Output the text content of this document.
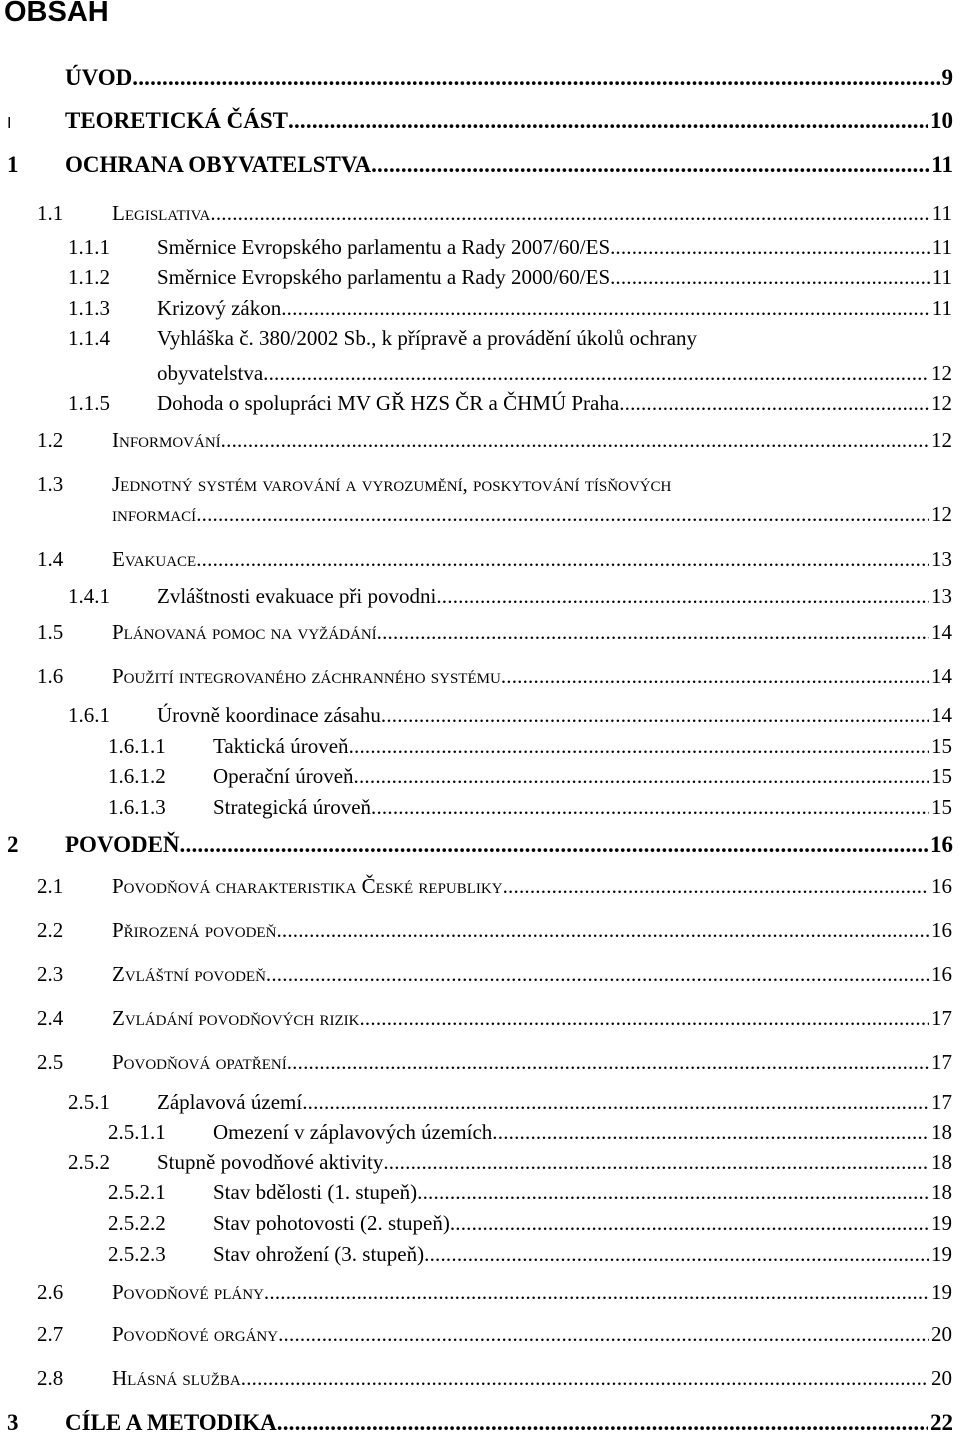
OBSAH
ÚVOD .....	9
I	TEORETICKÁ ČÁST .....	10
1	OCHRANA OBYVATELSTVA .....	11
1.1	Legislativa .....	11
1.1.1	Směrnice Evropského parlamentu a Rady 2007/60/ES. .....	11
1.1.2	Směrnice Evropského parlamentu a Rady 2000/60/ES. .....	11
1.1.3	Krizový zákon .....	11
1.1.4	Vyhláška č. 380/2002 Sb., k přípravě a provádění úkolů ochrany
obyvatelstva .....	12
1.1.5	Dohoda o spolupráci MV GŘ HZS ČR a ČHMÚ Praha .....	12
1.2	Informování .....	12
1.3	Jednotný systém varování a vyrozumění, poskytování tísňových
informací .....	12
1.4	Evakuace .....	13
1.4.1	Zvláštnosti evakuace při povodni .....	13
1.5	Plánovaná pomoc na vyžádání .....	14
1.6	Použití integrovaného záchranného systému .....	14
1.6.1	Úrovně koordinace zásahu .....	14
1.6.1.1	Taktická úroveň .....	15
1.6.1.2	Operační úroveň .....	15
1.6.1.3	Strategická úroveň .....	15
2	POVODEŇ .....	16
2.1	Povodňová charakteristika České republiky .....	16
2.2	Přirozená povodeň .....	16
2.3	Zvláštní povodeň .....	16
2.4	Zvládání povodňových rizik .....	17
2.5	Povodňová opatření .....	17
2.5.1	Záplavová území .....	17
2.5.1.1	Omezení v záplavových územích .....	18
2.5.2	Stupně povodňové aktivity .....	18
2.5.2.1	Stav bdělosti (1. stupeň) .....	18
2.5.2.2	Stav pohotovosti (2. stupeň) .....	19
2.5.2.3	Stav ohrožení (3. stupeň) .....	19
2.6	Povodňové plány .....	19
2.7	Povodňové orgány .....	20
2.8	Hlásná služba .....	20
3	CÍLE A METODIKA .....	22
